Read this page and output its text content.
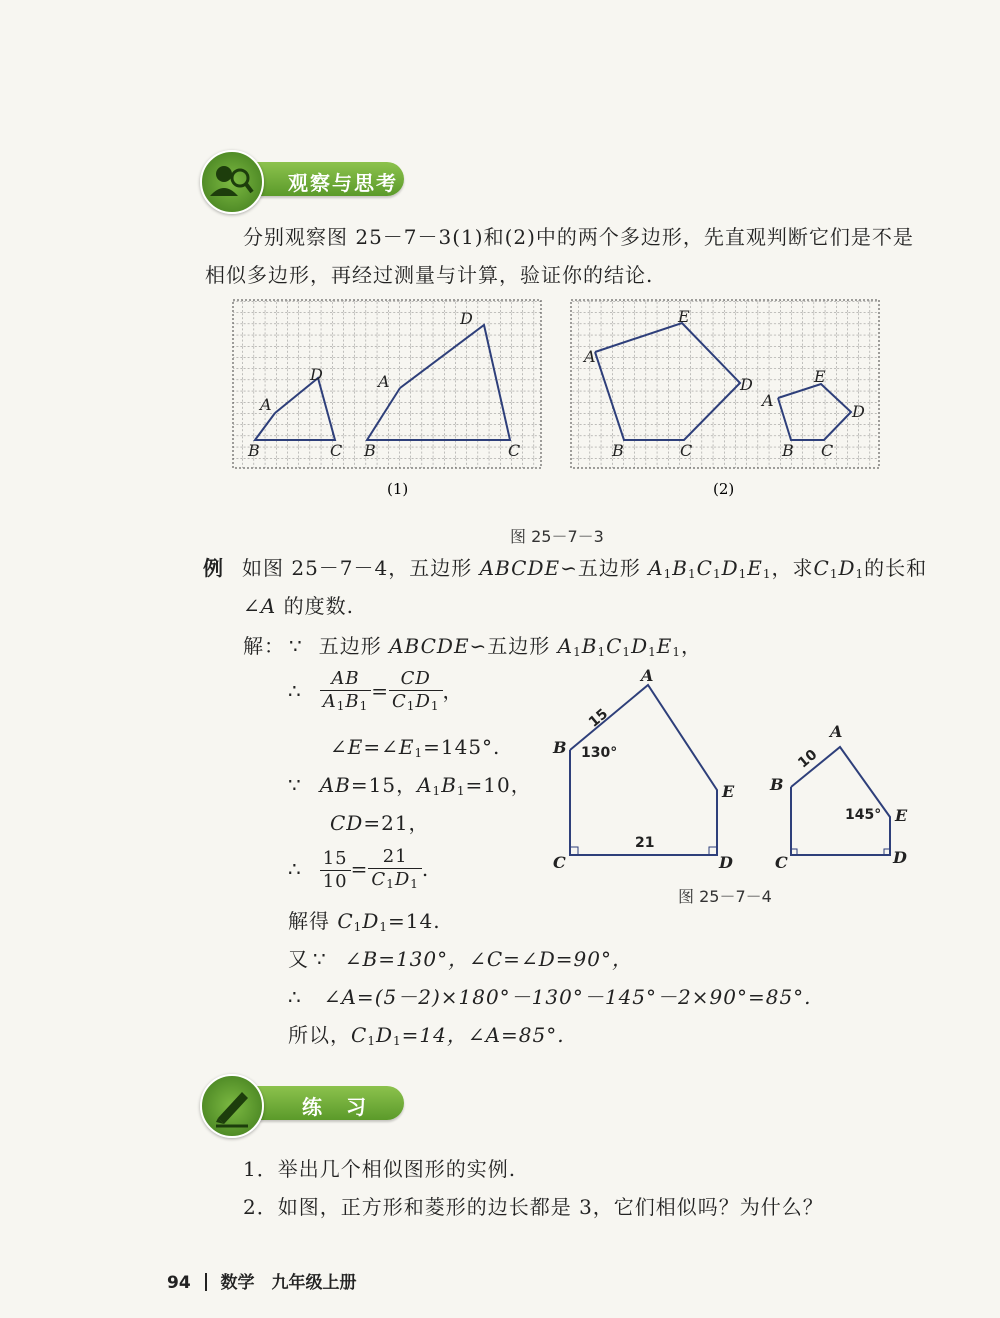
观察与思考
分别观察图 25－7－3(1)和(2)中的两个多边形，先直观判断它们是不是
相似多边形，再经过测量与计算，验证你的结论.
A
B	C
D	A
B	C
D
A
B	C
D
E
A
B C
D
E
(1)	(2)
图 25－7－3
例 如图 25－7－4，五边形 ABCDE∽五边形 $A_1B_1C_1D_1E_1$，求$C_1D_1$的长和
∠A 的度数.
解： ∵ 五边形 ABCDE∽五边形 $A_1B_1C_1D_1E_1$，
∴ $\frac{AB}{A_1B_1} = \frac{CD}{C_1D_1}$ ，
$\angle E=\angle E_1=145^\circ$.
∵ AB=15，$A_1B_1=10$，
CD=21，
∴ $\frac{15}{10} = \frac{21}{C_1D_1}$ .
解得 $C_1D_1=14$.
又 ∵ ∠B=130°，∠C=∠D=90°，
∴ ∠A=(5－2)×180°－130°－145°－2×90°=85°.
所以，$C_1D_1=14$，∠A=85°.
A
B
C	D
E
A
B
C	D
E
15
21
10
130°
145°
图 25－7－4
练　习
1．举出几个相似图形的实例.
2．如图，正方形和菱形的边长都是 3，它们相似吗？为什么？
94 数学　九年级上册
